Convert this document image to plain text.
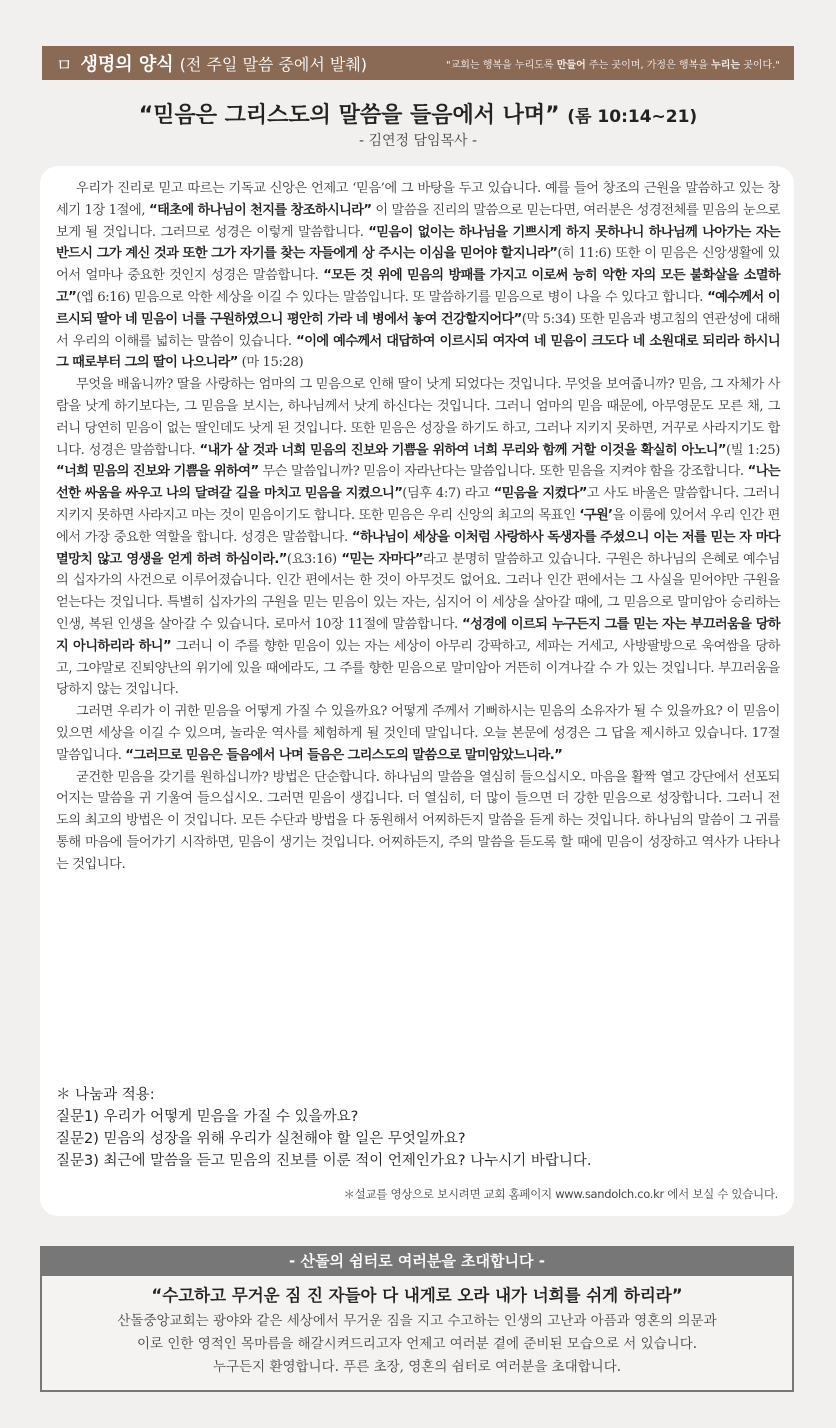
ㅁ 생명의 양식 (전 주일 말씀 중에서 발췌)	"교회는 행복을 누리도록 만들어 주는 곳이며, 가정은 행복을 누리는 곳이다."
“믿음은 그리스도의 말씀을 들음에서 나며” (롬 10:14~21)
- 김연정 담임목사 -

우리가 진리로 믿고 따르는 기독교 신앙은 언제고 ‘믿음’에 그 바탕을 두고 있습니다. 예를 들어 창조의 근원을 말씀하고 있는 창세기 1장 1절에, “태초에 하나님이 천지를 창조하시니라” 이 말씀을 진리의 말씀으로 믿는다면, 여러분은 성경전체를 믿음의 눈으로 보게 될 것입니다. 그러므로 성경은 이렇게 말씀합니다. “믿음이 없이는 하나님을 기쁘시게 하지 못하나니 하나님께 나아가는 자는 반드시 그가 계신 것과 또한 그가 자기를 찾는 자들에게 상 주시는 이심을 믿어야 할지니라”(히 11:6) 또한 이 믿음은 신앙생활에 있어서 얼마나 중요한 것인지 성경은 말씀합니다. “모든 것 위에 믿음의 방패를 가지고 이로써 능히 악한 자의 모든 불화살을 소멸하고”(엡 6:16) 믿음으로 악한 세상을 이길 수 있다는 말씀입니다. 또 말씀하기를 믿음으로 병이 나을 수 있다고 합니다. “예수께서 이르시되 딸아 네 믿음이 너를 구원하였으니 평안히 가라 네 병에서 놓여 건강할지어다”(막 5:34) 또한 믿음과 병고침의 연관성에 대해서 우리의 이해를 넓히는 말씀이 있습니다. “이에 예수께서 대답하여 이르시되 여자여 네 믿음이 크도다 네 소원대로 되리라 하시니 그 때로부터 그의 딸이 나으니라” (마 15:28)

무엇을 배웁니까? 딸을 사랑하는 엄마의 그 믿음으로 인해 딸이 낫게 되었다는 것입니다. 무엇을 보여줍니까? 믿음, 그 자체가 사람을 낫게 하기보다는, 그 믿음을 보시는, 하나님께서 낫게 하신다는 것입니다. 그러니 엄마의 믿음 때문에, 아무영문도 모른 채, 그러니 당연히 믿음이 없는 딸인데도 낫게 된 것입니다. 또한 믿음은 성장을 하기도 하고, 그러나 지키지 못하면, 거꾸로 사라지기도 합니다. 성경은 말씀합니다. “내가 살 것과 너희 믿음의 진보와 기쁨을 위하여 너희 무리와 함께 거할 이것을 확실히 아노니”(빌 1:25) “너희 믿음의 진보와 기쁨을 위하여” 무슨 말씀입니까? 믿음이 자라난다는 말씀입니다. 또한 믿음을 지켜야 함을 강조합니다. “나는 선한 싸움을 싸우고 나의 달려갈 길을 마치고 믿음을 지켰으니”(딤후 4:7) 라고 “믿음을 지켰다”고 사도 바울은 말씀합니다. 그러니 지키지 못하면 사라지고 마는 것이 믿음이기도 합니다. 또한 믿음은 우리 신앙의 최고의 목표인 ‘구원’을 이룸에 있어서 우리 인간 편에서 가장 중요한 역할을 합니다. 성경은 말씀합니다. “하나님이 세상을 이처럼 사랑하사 독생자를 주셨으니 이는 저를 믿는 자 마다 멸망치 않고 영생을 얻게 하려 하심이라.”(요3:16) “믿는 자마다”라고 분명히 말씀하고 있습니다. 구원은 하나님의 은혜로 예수님의 십자가의 사건으로 이루어졌습니다. 인간 편에서는 한 것이 아무것도 없어요. 그러나 인간 편에서는 그 사실을 믿어야만 구원을 얻는다는 것입니다. 특별히 십자가의 구원을 믿는 믿음이 있는 자는, 심지어 이 세상을 살아갈 때에, 그 믿음으로 말미암아 승리하는 인생, 복된 인생을 살아갈 수 있습니다. 로마서 10장 11절에 말씀합니다. “성경에 이르되 누구든지 그를 믿는 자는 부끄러움을 당하지 아니하리라 하니” 그러니 이 주를 향한 믿음이 있는 자는 세상이 아무리 강팍하고, 세파는 거세고, 사방팔방으로 욱여쌈을 당하고, 그야말로 진퇴양난의 위기에 있을 때에라도, 그 주를 향한 믿음으로 말미암아 거뜬히 이겨나갈 수 가 있는 것입니다. 부끄러움을 당하지 않는 것입니다.

그러면 우리가 이 귀한 믿음을 어떻게 가질 수 있을까요? 어떻게 주께서 기뻐하시는 믿음의 소유자가 될 수 있을까요? 이 믿음이 있으면 세상을 이길 수 있으며, 놀라운 역사를 체험하게 될 것인데 말입니다. 오늘 본문에 성경은 그 답을 제시하고 있습니다. 17절 말씀입니다. “그러므로 믿음은 들음에서 나며 들음은 그리스도의 말씀으로 말미암았느니라.”

굳건한 믿음을 갖기를 원하십니까? 방법은 단순합니다. 하나님의 말씀을 열심히 들으십시오. 마음을 활짝 열고 강단에서 선포되어지는 말씀을 귀 기울여 들으십시오. 그러면 믿음이 생깁니다. 더 열심히, 더 많이 들으면 더 강한 믿음으로 성장합니다. 그러니 전도의 최고의 방법은 이 것입니다. 모든 수단과 방법을 다 동원해서 어찌하든지 말씀을 듣게 하는 것입니다. 하나님의 말씀이 그 귀를 통해 마음에 들어가기 시작하면, 믿음이 생기는 것입니다. 어찌하든지, 주의 말씀을 듣도록 할 때에 믿음이 성장하고 역사가 나타나는 것입니다.

＊ 나눔과 적용:
질문1) 우리가 어떻게 믿음을 가질 수 있을까요?
질문2) 믿음의 성장을 위해 우리가 실천해야 할 일은 무엇일까요?
질문3) 최근에 말씀을 듣고 믿음의 진보를 이룬 적이 언제인가요? 나누시기 바랍니다.
＊설교를 영상으로 보시려면 교회 홈페이지 www.sandolch.co.kr 에서 보실 수 있습니다.
- 산돌의 쉼터로 여러분을 초대합니다 -
“수고하고 무거운 짐 진 자들아 다 내게로 오라 내가 너희를 쉬게 하리라”
산돌중앙교회는 광야와 같은 세상에서 무거운 짐을 지고 수고하는 인생의 고난과 아픔과 영혼의 의문과
이로 인한 영적인 목마름을 해갈시켜드리고자 언제고 여러분 곁에 준비된 모습으로 서 있습니다.
누구든지 환영합니다. 푸른 초장, 영혼의 쉼터로 여러분을 초대합니다.
